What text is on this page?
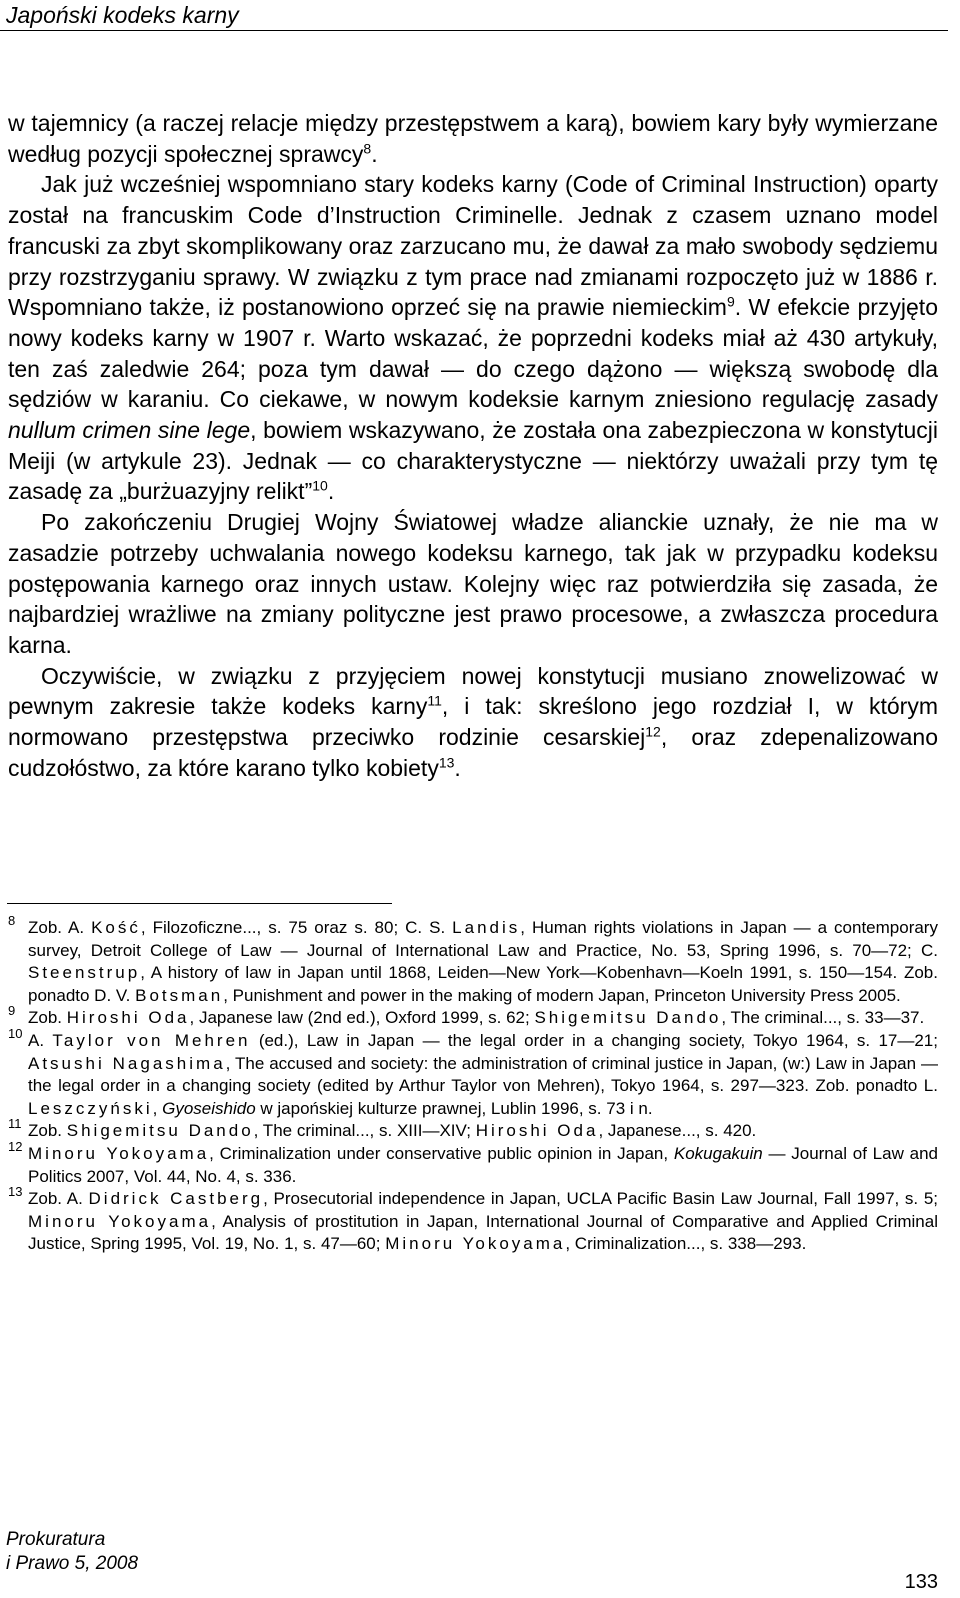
Japoński kodeks karny

w tajemnicy (a raczej relacje między przestępstwem a karą), bowiem kary były wymierzane według pozycji społecznej sprawcy$^8$.

Jak już wcześniej wspomniano stary kodeks karny (Code of Criminal Instruction) oparty został na francuskim Code d’Instruction Criminelle. Jednak z czasem uznano model francuski za zbyt skomplikowany oraz zarzucano mu, że dawał za mało swobody sędziemu przy rozstrzyganiu sprawy. W związku z tym prace nad zmianami rozpoczęto już w 1886 r. Wspomniano także, iż postanowiono oprzeć się na prawie niemieckim$^9$. W efekcie przyjęto nowy kodeks karny w 1907 r. Warto wskazać, że poprzedni kodeks miał aż 430 artykuły, ten zaś zaledwie 264; poza tym dawał — do czego dążono — większą swobodę dla sędziów w karaniu. Co ciekawe, w nowym kodeksie karnym zniesiono regulację zasady nullum crimen sine lege, bowiem wskazywano, że została ona zabezpieczona w konstytucji Meiji (w artykule 23). Jednak — co charakterystyczne — niektórzy uważali przy tym tę zasadę za „burżuazyjny relikt”$^{10}$.

Po zakończeniu Drugiej Wojny Światowej władze alianckie uznały, że nie ma w zasadzie potrzeby uchwalania nowego kodeksu karnego, tak jak w przypadku kodeksu postępowania karnego oraz innych ustaw. Kolejny więc raz potwierdziła się zasada, że najbardziej wrażliwe na zmiany polityczne jest prawo procesowe, a zwłaszcza procedura karna.

Oczywiście, w związku z przyjęciem nowej konstytucji musiano znowelizować w pewnym zakresie także kodeks karny$^{11}$, i tak: skreślono jego rozdział I, w którym normowano przestępstwa przeciwko rodzinie cesarskiej$^{12}$, oraz zdepenalizowano cudzołóstwo, za które karano tylko kobiety$^{13}$.

8 Zob. A. Kość, Filozoficzne..., s. 75 oraz s. 80; C. S. Landis, Human rights violations in Japan — a contemporary survey, Detroit College of Law — Journal of International Law and Practice, No. 53, Spring 1996, s. 70—72; C. Steenstrup, A history of law in Japan until 1868, Leiden—New York—Kobenhavn—Koeln 1991, s. 150—154. Zob. ponadto D. V. Botsman, Punishment and power in the making of modern Japan, Princeton University Press 2005.

9 Zob. Hiroshi Oda, Japanese law (2nd ed.), Oxford 1999, s. 62; Shigemitsu Dando, The criminal..., s. 33—37.

10 A. Taylor von Mehren (ed.), Law in Japan — the legal order in a changing society, Tokyo 1964, s. 17—21; Atsushi Nagashima, The accused and society: the administration of criminal justice in Japan, (w:) Law in Japan — the legal order in a changing society (edited by Arthur Taylor von Mehren), Tokyo 1964, s. 297—323. Zob. ponadto L. Leszczyński, Gyoseishido w japońskiej kulturze prawnej, Lublin 1996, s. 73 i n.

11 Zob. Shigemitsu Dando, The criminal..., s. XIII—XIV; Hiroshi Oda, Japanese..., s. 420.

12 Minoru Yokoyama, Criminalization under conservative public opinion in Japan, Kokugakuin — Journal of Law and Politics 2007, Vol. 44, No. 4, s. 336.

13 Zob. A. Didrick Castberg, Prosecutorial independence in Japan, UCLA Pacific Basin Law Journal, Fall 1997, s. 5; Minoru Yokoyama, Analysis of prostitution in Japan, International Journal of Comparative and Applied Criminal Justice, Spring 1995, Vol. 19, No. 1, s. 47—60; Minoru Yokoyama, Criminalization..., s. 338—293.

Prokuratura
i Prawo 5, 2008
133
